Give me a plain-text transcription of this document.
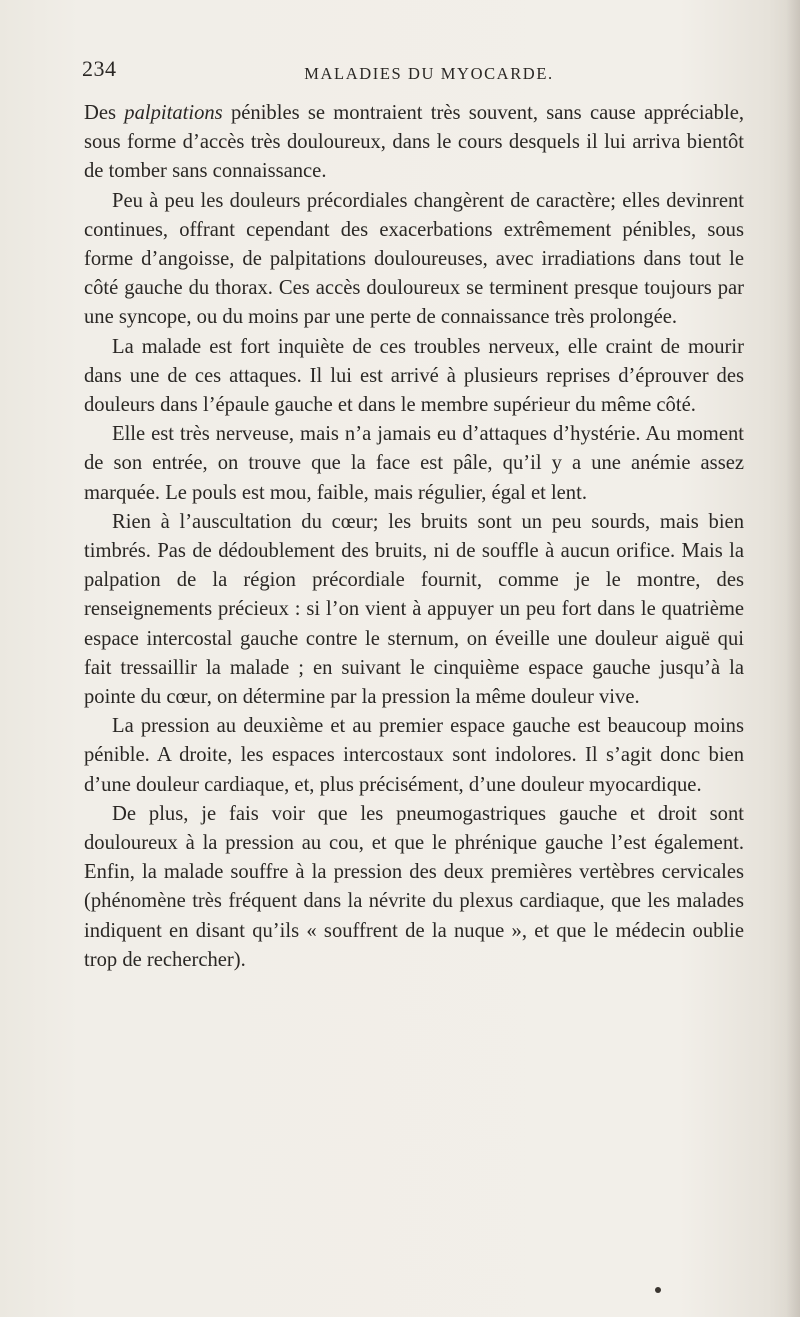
234	MALADIES DU MYOCARDE.

Des palpitations pénibles se montraient très souvent, sans cause appréciable, sous forme d’accès très douloureux, dans le cours desquels il lui arriva bientôt de tomber sans connaissance.

Peu à peu les douleurs précordiales changèrent de caractère; elles devinrent continues, offrant cependant des exacerbations extrêmement pénibles, sous forme d’angoisse, de palpitations douloureuses, avec irradiations dans tout le côté gauche du thorax. Ces accès douloureux se terminent presque toujours par une syncope, ou du moins par une perte de connaissance très prolongée.

La malade est fort inquiète de ces troubles nerveux, elle craint de mourir dans une de ces attaques. Il lui est arrivé à plusieurs reprises d’éprouver des douleurs dans l’épaule gauche et dans le membre supérieur du même côté.

Elle est très nerveuse, mais n’a jamais eu d’attaques d’hystérie. Au moment de son entrée, on trouve que la face est pâle, qu’il y a une anémie assez marquée. Le pouls est mou, faible, mais régulier, égal et lent.

Rien à l’auscultation du cœur; les bruits sont un peu sourds, mais bien timbrés. Pas de dédoublement des bruits, ni de souffle à aucun orifice. Mais la palpation de la région précordiale fournit, comme je le montre, des renseignements précieux : si l’on vient à appuyer un peu fort dans le quatrième espace intercostal gauche contre le sternum, on éveille une douleur aiguë qui fait tressaillir la malade ; en suivant le cinquième espace gauche jusqu’à la pointe du cœur, on détermine par la pression la même douleur vive.

La pression au deuxième et au premier espace gauche est beaucoup moins pénible. A droite, les espaces intercostaux sont indolores. Il s’agit donc bien d’une douleur cardiaque, et, plus précisément, d’une douleur myocardique.

De plus, je fais voir que les pneumogastriques gauche et droit sont douloureux à la pression au cou, et que le phrénique gauche l’est également. Enfin, la malade souffre à la pression des deux premières vertèbres cervicales (phénomène très fréquent dans la névrite du plexus cardiaque, que les malades indiquent en disant qu’ils « souffrent de la nuque », et que le médecin oublie trop de rechercher).
